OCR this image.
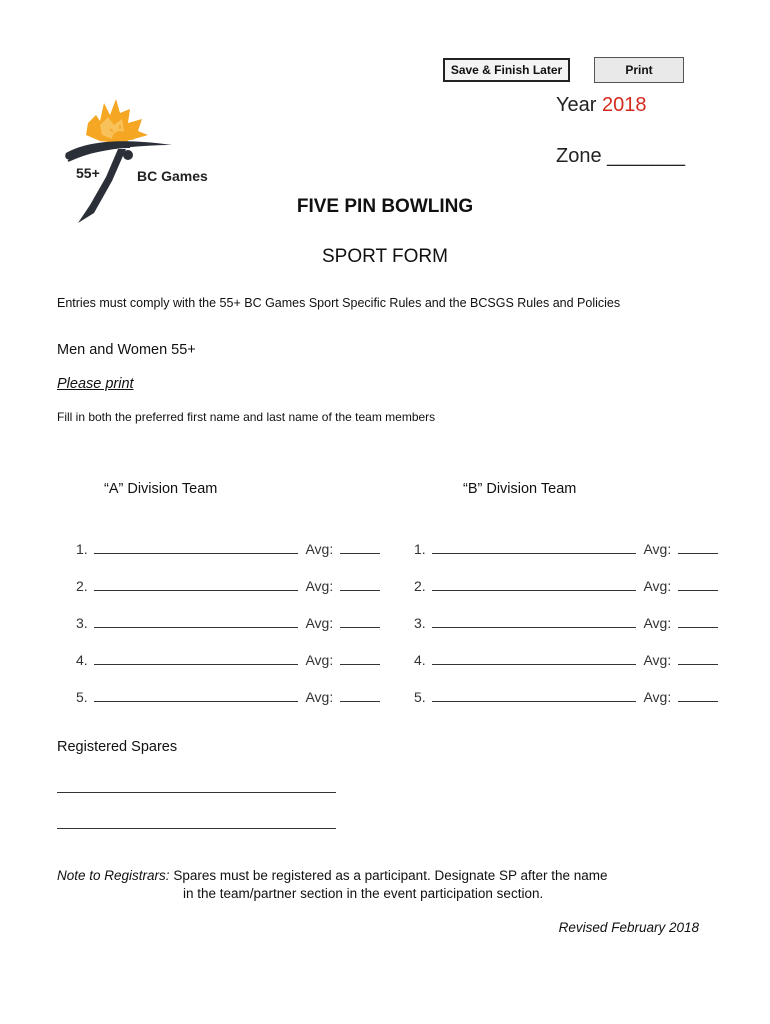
Save & Finish Later	Print
55+	BC Games
Year 2018
Zone _______
FIVE PIN BOWLING
SPORT FORM
Entries must comply with the 55+ BC Games Sport Specific Rules and the BCSGS Rules and Policies
Men and Women 55+
Please print
Fill in both the preferred first name and last name of the team members
“A” Division Team	“B” Division Team
1.	Avg:
2.	Avg:
3.	Avg:
4.	Avg:
5.	Avg:
1.	Avg:
2.	Avg:
3.	Avg:
4.	Avg:
5.	Avg:
Registered Spares
Note to Registrars: Spares must be registered as a participant. Designate SP after the name
in the team/partner section in the event participation section.
Revised February 2018
